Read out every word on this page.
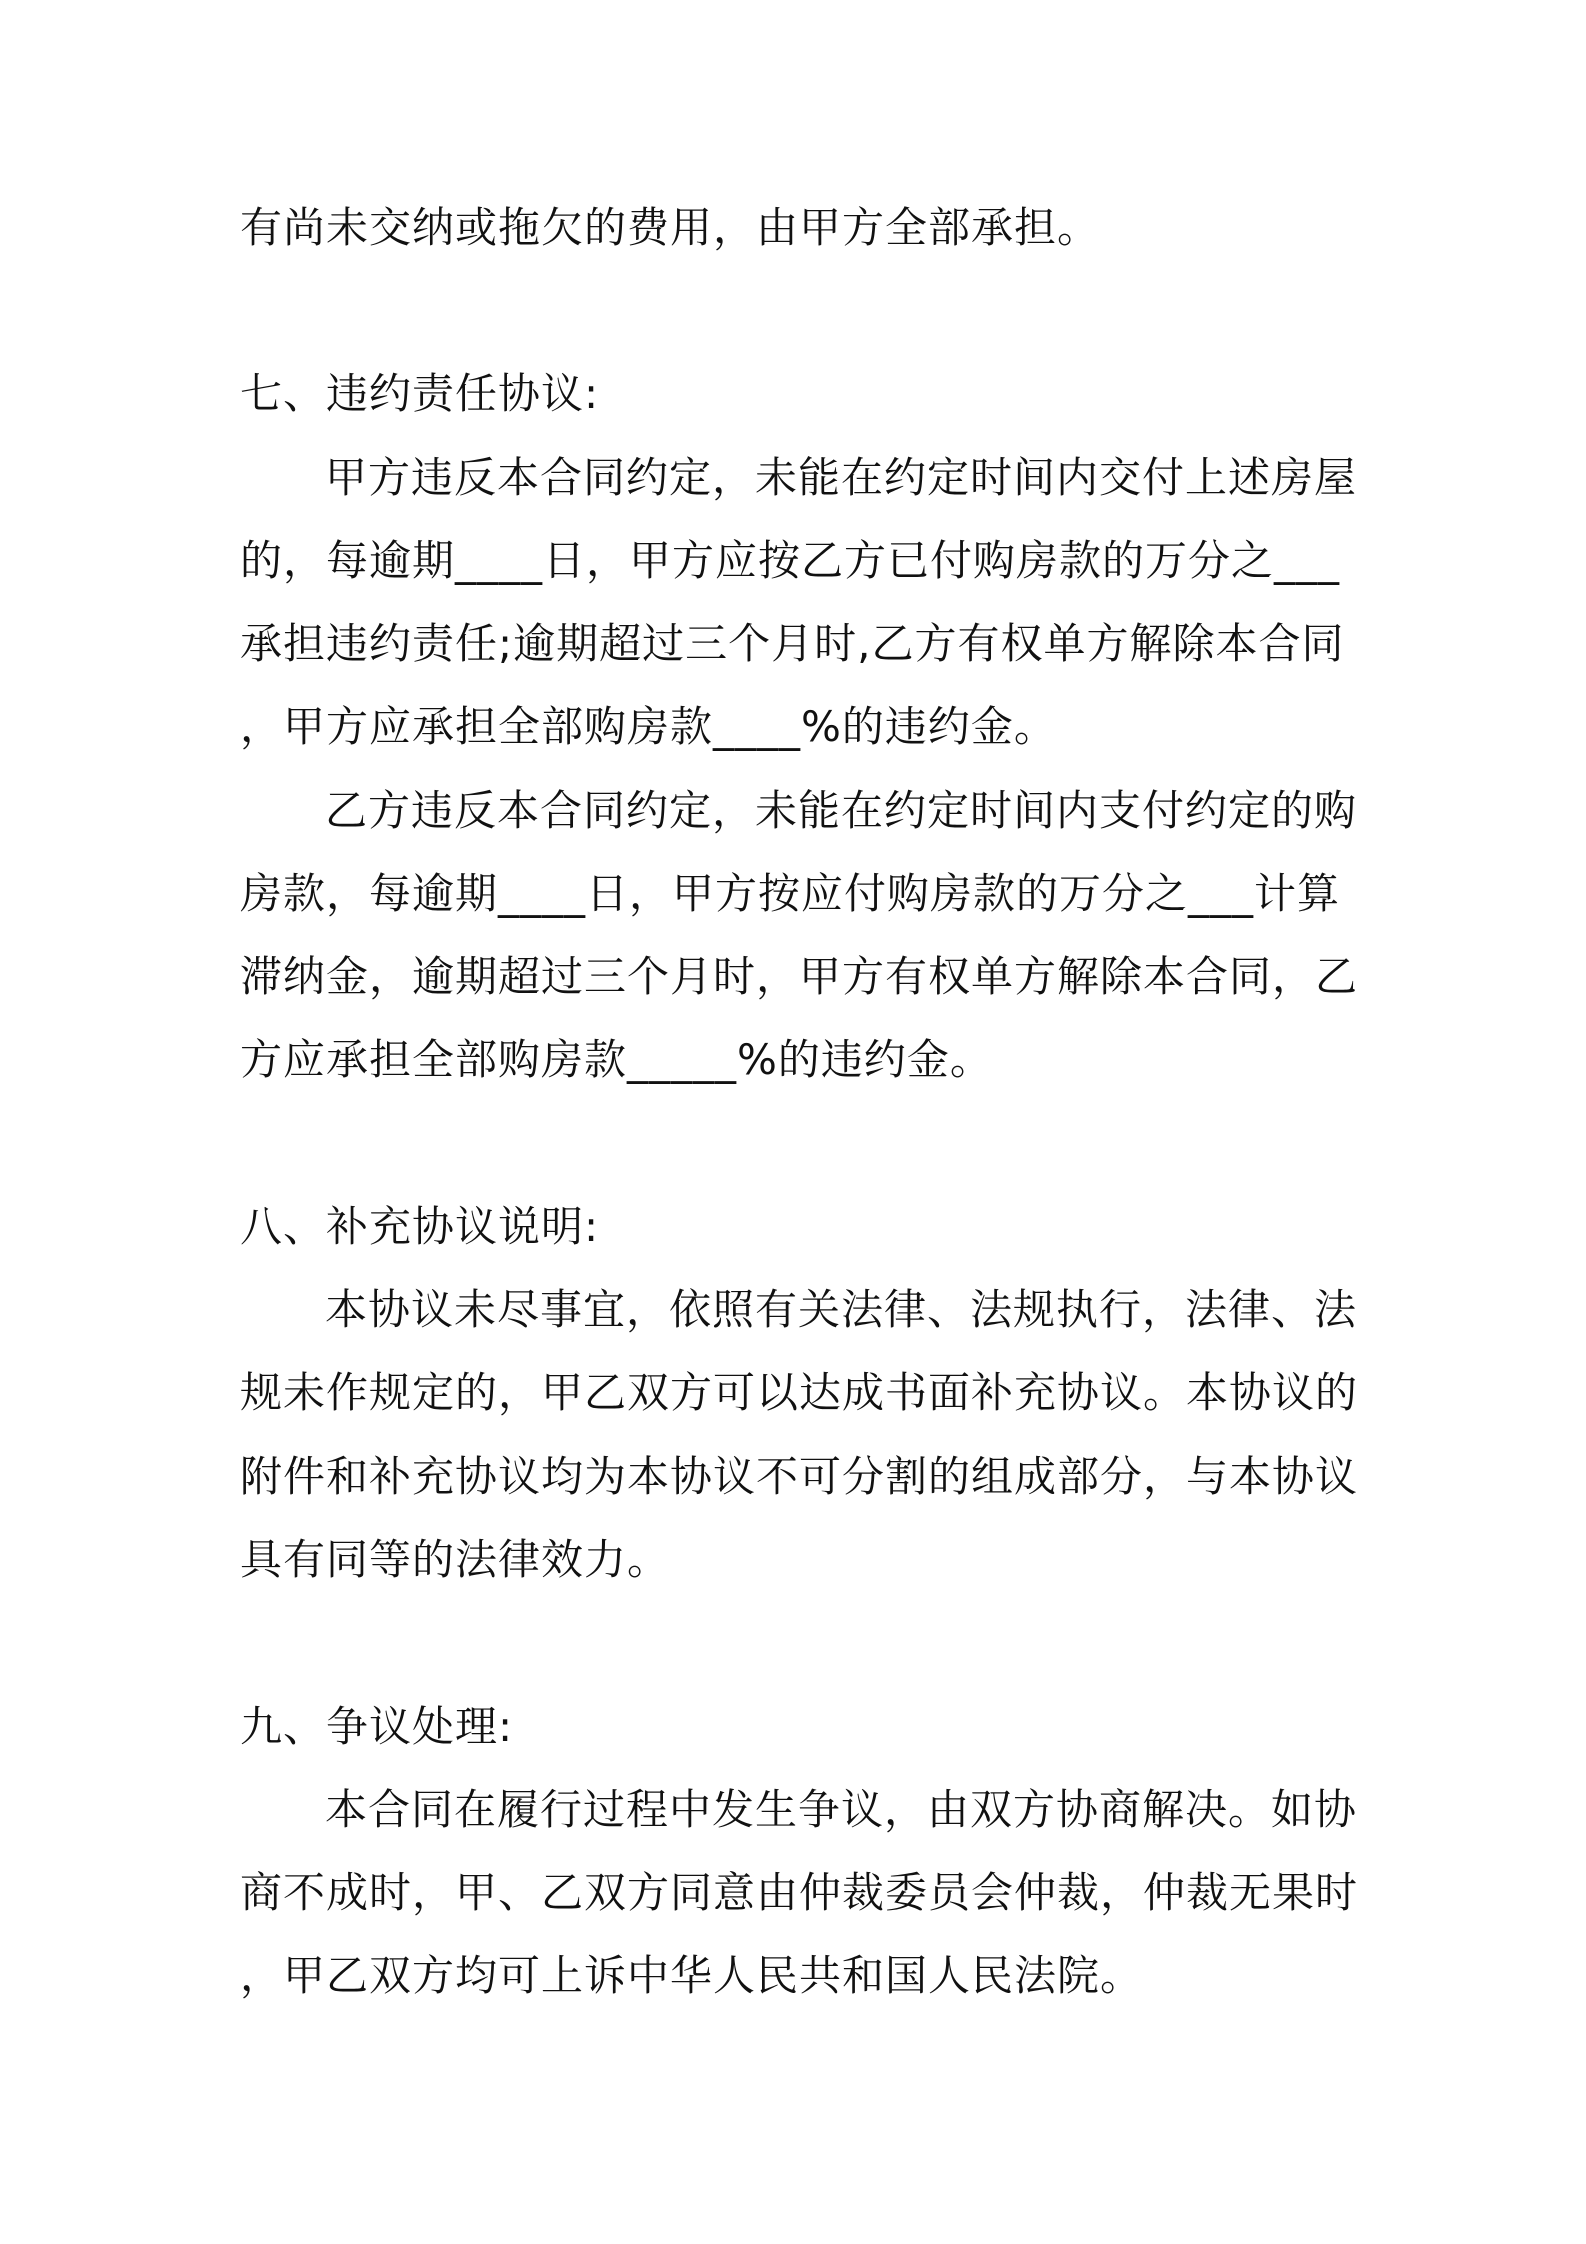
有尚未交纳或拖欠的费用，由甲方全部承担。
七、违约责任协议:
甲方违反本合同约定，未能在约定时间内交付上述房屋
的，每逾期____日，甲方应按乙方已付购房款的万分之___
承担违约责任;逾期超过三个月时,乙方有权单方解除本合同
，甲方应承担全部购房款____%的违约金。
乙方违反本合同约定，未能在约定时间内支付约定的购
房款，每逾期____日，甲方按应付购房款的万分之___计算
滞纳金，逾期超过三个月时，甲方有权单方解除本合同，乙
方应承担全部购房款_____%的违约金。
八、补充协议说明:
本协议未尽事宜，依照有关法律、法规执行，法律、法
规未作规定的，甲乙双方可以达成书面补充协议。本协议的
附件和补充协议均为本协议不可分割的组成部分，与本协议
具有同等的法律效力。
九、争议处理:
本合同在履行过程中发生争议，由双方协商解决。如协
商不成时，甲、乙双方同意由仲裁委员会仲裁，仲裁无果时
，甲乙双方均可上诉中华人民共和国人民法院。
